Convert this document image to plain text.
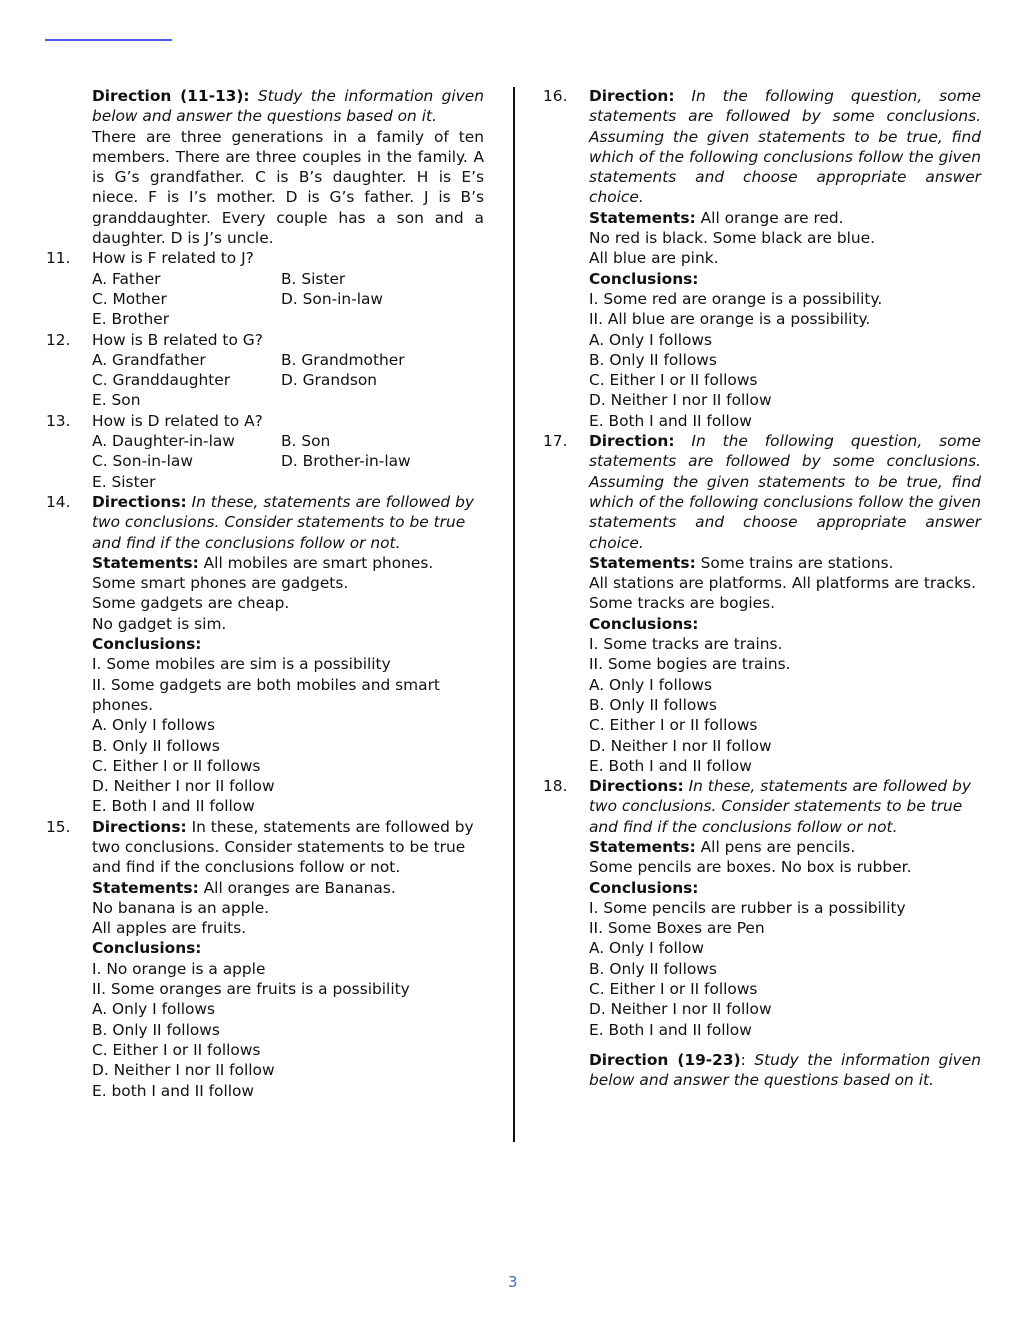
Direction (11-13): Study the information given below and answer the questions based on it.

There are three generations in a family of ten members. There are three couples in the family. A is G’s grandfather. C is B’s daughter. H is E’s niece. F is I’s mother. D is G’s father. J is B’s granddaughter. Every couple has a son and a daughter. D is J’s uncle.

11. How is F related to J?

A. Father	B. Sister
C. Mother	D. Son-in-law
E. Brother
12. How is B related to G?

A. Grandfather	B. Grandmother
C. Granddaughter	D. Grandson
E. Son
13. How is D related to A?

A. Daughter-in-law	B. Son
C. Son-in-law	D. Brother-in-law
E. Sister
14. Directions: In these, statements are followed by two conclusions. Consider statements to be true and find if the conclusions follow or not.

Statements: All mobiles are smart phones.

Some smart phones are gadgets.

Some gadgets are cheap.

No gadget is sim.

Conclusions:

I. Some mobiles are sim is a possibility

II. Some gadgets are both mobiles and smart phones.

A. Only I follows
B. Only II follows
C. Either I or II follows
D. Neither I nor II follow
E. Both I and II follow
15. Directions: In these, statements are followed by two conclusions. Consider statements to be true and find if the conclusions follow or not.

Statements: All oranges are Bananas.

No banana is an apple.

All apples are fruits.

Conclusions:

I. No orange is a apple

II. Some oranges are fruits is a possibility

A. Only I follows
B. Only II follows
C. Either I or II follows
D. Neither I nor II follow
E. both I and II follow
16. Direction: In the following question, some statements are followed by some conclusions. Assuming the given statements to be true, find which of the following conclusions follow the given statements and choose appropriate answer choice.

Statements: All orange are red.

No red is black. Some black are blue.

All blue are pink.

Conclusions:

I. Some red are orange is a possibility.

II. All blue are orange is a possibility.

A. Only I follows
B. Only II follows
C. Either I or II follows
D. Neither I nor II follow
E. Both I and II follow
17. Direction: In the following question, some statements are followed by some conclusions. Assuming the given statements to be true, find which of the following conclusions follow the given statements and choose appropriate answer choice.

Statements: Some trains are stations.

All stations are platforms. All platforms are tracks.

Some tracks are bogies.

Conclusions:

I. Some tracks are trains.

II. Some bogies are trains.

A. Only I follows
B. Only II follows
C. Either I or II follows
D. Neither I nor II follow
E. Both I and II follow
18. Directions: In these, statements are followed by two conclusions. Consider statements to be true and find if the conclusions follow or not.

Statements: All pens are pencils.

Some pencils are boxes. No box is rubber.

Conclusions:

I. Some pencils are rubber is a possibility

II. Some Boxes are Pen

A. Only I follow
B. Only II follows
C. Either I or II follows
D. Neither I nor II follow
E. Both I and II follow

Direction (19-23): Study the information given below and answer the questions based on it.

3
